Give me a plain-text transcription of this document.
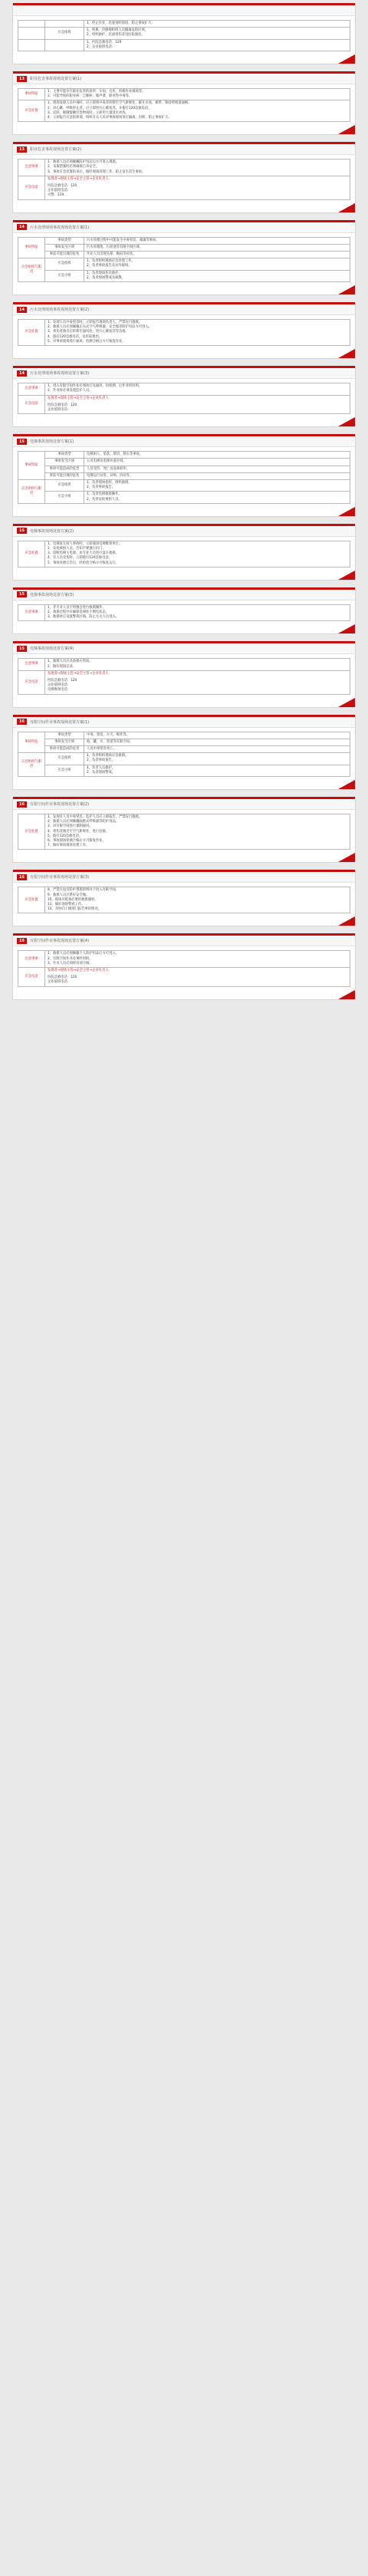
		1、停止作业，迅速查明原因，防止事故扩大；

	应急指挥	1、积极、冷静地组织人员撤离危险区域，
2、组织救护，迅速将伤者送医院救治。

		1、医院急救电话：120
2、企业值班电话：
13	职业危害事故现场处置方案(1)
事故特征	1、主要可能存在职业危害的场所：车间、仓库、检修作业现场等。
2、可能导致的职业病：尘肺病、噪声聋、职业性中毒等。

应急处置	1、现场发现人员中毒时，应立即将中毒者转移至空气新鲜处，解开衣领、裤带，保持呼吸道通畅。
2、对心跳、呼吸停止者，应立即进行心肺复苏，并拨打120急救电话。
3、皮肤、眼睛接触有害物质时，立即用大量清水冲洗。
4、立即报告应急指挥部，组织有关人员对事故现场进行隔离、封锁，防止事故扩大。
13	职业危害事故现场处置方案(2)
注意事项	1、救援人员必须佩戴防护用品后方可进入现场。
2、采取措施时必须确保自身安全。
3、事故应急处置结束后，做好现场清理工作，防止发生次生事故。

应急电话	发现者→现场主管→安全主管→企业负责人
医院急救电话：120
企业值班电话：
火警：119
14	污水处理现场事故现场处置方案(1)
事故特征	事故类型	污水处理过程中可能发生中毒窒息、淹溺等事故。

	事故发生区域	污水处理池、污泥池等有限空间区域。

	事前可能出现的征兆	作业人员出现头晕、胸闷等症状。

应急组织与职责	应急指挥	1、负责组织现场应急处置工作。
2、负责事故报告及对外联络。

	应急小组	1、负责现场伤员救护。
2、负责现场警戒及疏散。
14	污水处理现场事故现场处置方案(2)
应急处置	
1、发现人员中毒窒息时，立即报告现场负责人，严禁盲目施救。
2、救援人员必须佩戴正压式空气呼吸器、安全绳等防护用品方可进入。
3、将伤者救出后转移至通风处，进行心肺复苏等急救。
4、拨打120急救电话，送医院救治。
5、对事故现场进行通风，检测合格后方可恢复作业。
14	污水处理现场事故现场处置方案(3)
注意事项	1、进入有限空间作业必须执行先通风、再检测、后作业的原则。
2、作业时必须设置监护人员。

应急电话	发现者→现场主管→安全主管→企业负责人
医院急救电话：120
企业值班电话：
15	电梯事故现场处置方案(1)
事故特征	事故类型	电梯困人、坠落、剪切、挤压等事故。

	事故发生区域	公司电梯及电梯井道区域。

	事故可能造成的危害	人员受伤、死亡及设备损坏。

	事前可能出现的征兆	电梯运行异常、异响、抖动等。

应急组织与职责	应急指挥	1、负责现场指挥，组织救援。
2、负责事故报告。

	应急小组	1、负责电梯救援操作。
2、负责安抚被困人员。
15	电梯事故现场处置方案(2)
应急处置	
1、电梯发生困人事故时，立即通知电梯维保单位。
2、安抚被困人员，告知不要强行扒门。
3、切断电梯主电源，由专业人员进行盘车救援。
4、有人员受伤时，立即拨打120急救电话。
5、事故处理完毕后，经检验合格方可恢复运行。
15	电梯事故现场处置方案(3)
注意事项	
1、非专业人员不得擅自进行救援操作。
2、救援过程中应确保电梯处于断电状态。
3、救援时应设置警戒区域，防止无关人员进入。
15	电梯事故现场处置方案(4)
注意事项	1、救援人员应具备相应资质。
2、做好现场记录。

应急电话	发现者→现场主管→安全主管→企业负责人
医院急救电话：120
企业值班电话：
电梯维保电话：
16	有限空间作业事故现场处置方案(1)
事故特征	事故类型	中毒、窒息、火灾、爆炸等。

	事故发生区域	池、罐、井、管道等有限空间。

	事故可能造成的危害	人员中毒窒息死亡。

应急组织与职责	应急指挥	1、负责组织现场应急救援。
2、负责事故报告。

	应急小组	1、负责人员救护。
2、负责现场警戒。
16	有限空间作业事故现场处置方案(2)
应急处置	
1、发现有人员中毒窒息，监护人员应立即报告，严禁盲目施救。
2、救援人员必须佩戴隔绝式呼吸器等防护用品。
3、对有限空间进行强制通风。
4、将伤者救出至空气新鲜处，进行急救。
5、拨打120急救电话。
6、事故现场检测合格后方可恢复作业。
7、做好事故调查处理工作。
16	有限空间作业事故现场处置方案(3)
应急处置	
8、严禁在没有防护措施的情况下进入有限空间。
9、救援人员应系好安全绳。
10、现场应配备必要的救援器材。
11、做好现场警戒工作。
12、及时向上级部门报告事故情况。
16	有限空间作业事故现场处置方案(4)
注意事项	1、救援人员必须佩戴个人防护用品后方可进入。
2、有限空间作业必须经审批。
3、作业人员必须经培训合格。

应急电话	发现者→现场主管→安全主管→企业负责人
医院急救电话：120
企业值班电话：
